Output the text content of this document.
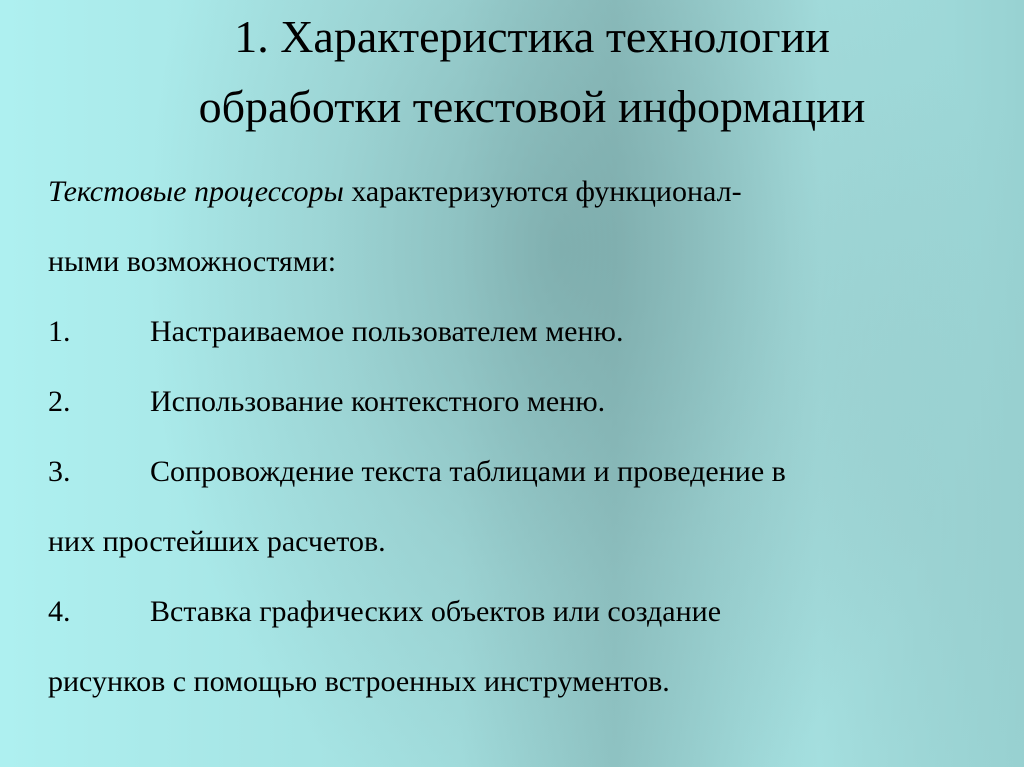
1. Характеристика технологии
обработки текстовой информации
Текстовые процессоры характеризуются функционал-
ными возможностями:
1.	Настраиваемое пользователем меню.
2.	Использование контекстного меню.
3.	Сопровождение текста таблицами и проведение в
них простейших расчетов.
4.	Вставка графических объектов или создание
рисунков с помощью встроенных инструментов.
